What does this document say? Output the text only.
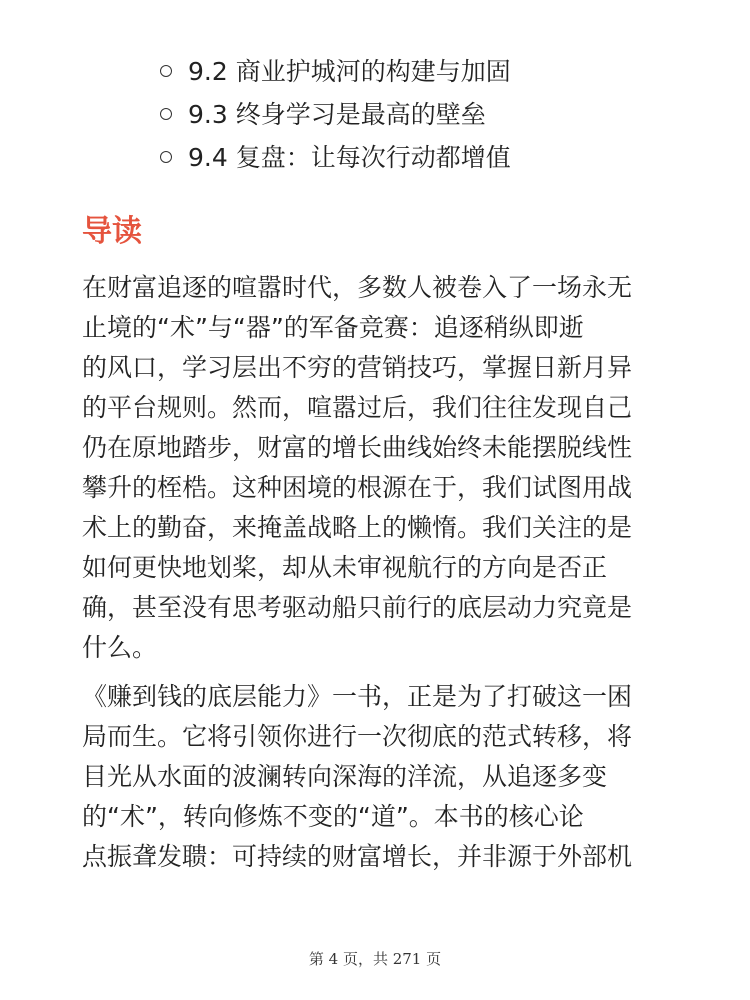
9.2 商业护城河的构建与加固
9.3 终身学习是最高的壁垒
9.4 复盘：让每次行动都增值
导读
在财富追逐的喧嚣时代，多数人被卷入了一场永无
止境的“术”与“器”的军备竞赛：追逐稍纵即逝
的风口，学习层出不穷的营销技巧，掌握日新月异
的平台规则。然而，喧嚣过后，我们往往发现自己
仍在原地踏步，财富的增长曲线始终未能摆脱线性
攀升的桎梏。这种困境的根源在于，我们试图用战
术上的勤奋，来掩盖战略上的懒惰。我们关注的是
如何更快地划桨，却从未审视航行的方向是否正
确，甚至没有思考驱动船只前行的底层动力究竟是
什么。
《赚到钱的底层能力》一书，正是为了打破这一困
局而生。它将引领你进行一次彻底的范式转移，将
目光从水面的波澜转向深海的洋流，从追逐多变
的“术”，转向修炼不变的“道”。本书的核心论
点振聋发聩：可持续的财富增长，并非源于外部机
第 4 页，共 271 页
